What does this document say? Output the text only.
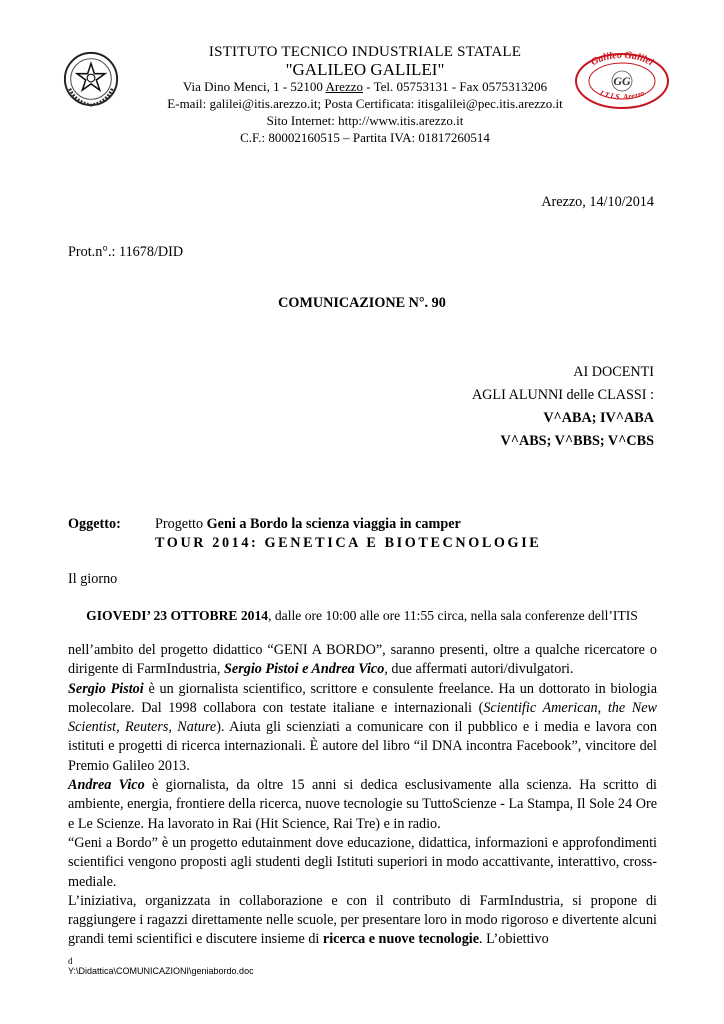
ISTITUTO TECNICO INDUSTRIALE STATALE
"GALILEO GALILEI"
Via Dino Menci, 1 - 52100 Arezzo - Tel. 05753131 - Fax 0575313206
E-mail: galilei@itis.arezzo.it; Posta Certificata: itisgalilei@pec.itis.arezzo.it
Sito Internet: http://www.itis.arezzo.it
C.F.: 80002160515 – Partita IVA: 01817260514
Galileo Galilei
I.T.I.S. Arezzo
GG
Arezzo, 14/10/2014
Prot.n°.: 11678/DID
COMUNICAZIONE N°. 90
AI DOCENTI
AGLI ALUNNI delle CLASSI :
V^ABA; IV^ABA
V^ABS; V^BBS; V^CBS
Oggetto: Progetto Geni a Bordo la scienza viaggia in camper
TOUR 2014: GENETICA E BIOTECNOLOGIE
Il giorno
GIOVEDI’ 23 OTTOBRE 2014, dalle ore 10:00 alle ore 11:55 circa, nella sala conferenze dell’ITIS
nell’ambito del progetto didattico “GENI A BORDO”, saranno presenti, oltre a qualche ricercatore o dirigente di FarmIndustria, Sergio Pistoi e Andrea Vico, due affermati autori/divulgatori.
Sergio Pistoi è un giornalista scientifico, scrittore e consulente freelance. Ha un dottorato in biologia molecolare. Dal 1998 collabora con testate italiane e internazionali (Scientific American, the New Scientist, Reuters, Nature). Aiuta gli scienziati a comunicare con il pubblico e i media e lavora con istituti e progetti di ricerca internazionali. È autore del libro “il DNA incontra Facebook”, vincitore del Premio Galileo 2013.
Andrea Vico è giornalista, da oltre 15 anni si dedica esclusivamente alla scienza. Ha scritto di ambiente, energia, frontiere della ricerca, nuove tecnologie su TuttoScienze - La Stampa, Il Sole 24 Ore e Le Scienze. Ha lavorato in Rai (Hit Science, Rai Tre) e in radio.
“Geni a Bordo” è un progetto edutainment dove educazione, didattica, informazioni e approfondimenti scientifici vengono proposti agli studenti degli Istituti superiori in modo accattivante, interattivo, cross-mediale.
L’iniziativa, organizzata in collaborazione e con il contributo di FarmIndustria, si propone di raggiungere i ragazzi direttamente nelle scuole, per presentare loro in modo rigoroso e divertente alcuni grandi temi scientifici e discutere insieme di ricerca e nuove tecnologie. L’obiettivo
d
Y:\Didattica\COMUNICAZIONI\geniabordo.doc
